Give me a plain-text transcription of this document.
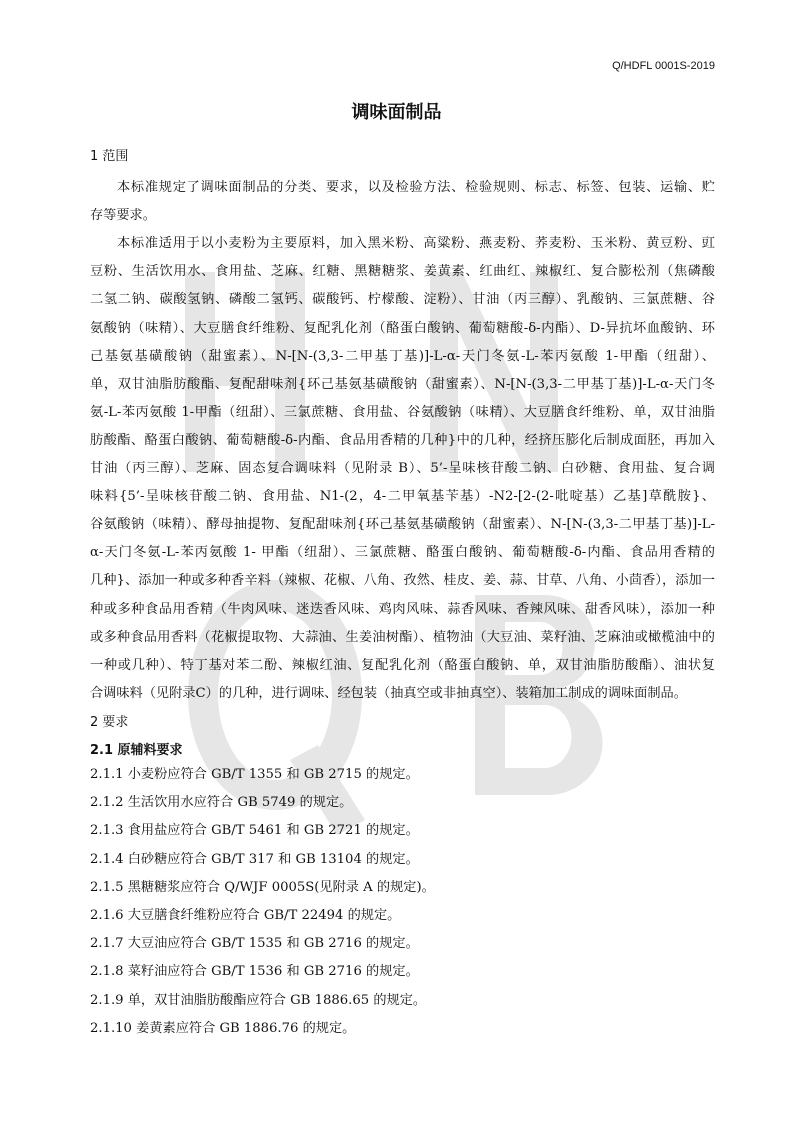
Q/HDFL 0001S-2019
调味面制品
1 范围
本标准规定了调味面制品的分类、要求，以及检验方法、检验规则、标志、标签、包装、运输、贮
存等要求。
本标准适用于以小麦粉为主要原料，加入黑米粉、高粱粉、燕麦粉、荞麦粉、玉米粉、黄豆粉、豇
豆粉、生活饮用水、食用盐、芝麻、红糖、黑糖糖浆、姜黄素、红曲红、辣椒红、复合膨松剂（焦磷酸
二氢二钠、碳酸氢钠、磷酸二氢钙、碳酸钙、柠檬酸、淀粉）、甘油（丙三醇）、乳酸钠、三氯蔗糖、谷
氨酸钠（味精）、大豆膳食纤维粉、复配乳化剂（酪蛋白酸钠、葡萄糖酸-δ-内酯）、D-异抗坏血酸钠、环
己基氨基磺酸钠（甜蜜素）、N-[N-(3,3-二甲基丁基)]-L-α-天门冬氨-L-苯丙氨酸 1-甲酯（纽甜）、
单，双甘油脂肪酸酯、复配甜味剂{环己基氨基磺酸钠（甜蜜素）、N-[N-(3,3-二甲基丁基)]-L-α-天门冬
氨-L-苯丙氨酸 1-甲酯（纽甜）、三氯蔗糖、食用盐、谷氨酸钠（味精）、大豆膳食纤维粉、单，双甘油脂
肪酸酯、酪蛋白酸钠、葡萄糖酸-δ-内酯、食品用香精的几种}中的几种，经挤压膨化后制成面胚，再加入
甘油（丙三醇）、芝麻、固态复合调味料（见附录 B）、5’-呈味核苷酸二钠、白砂糖、食用盐、复合调
味料{5’-呈味核苷酸二钠、食用盐、N1-(2，4-二甲氧基苄基）-N2-[2-(2-吡啶基）乙基]草酰胺}、
谷氨酸钠（味精）、酵母抽提物、复配甜味剂{环己基氨基磺酸钠（甜蜜素）、N-[N-(3,3-二甲基丁基)]-L-
α-天门冬氨-L-苯丙氨酸 1- 甲酯（纽甜）、三氯蔗糖、酪蛋白酸钠、葡萄糖酸-δ-内酯、食品用香精的
几种}、添加一种或多种香辛料（辣椒、花椒、八角、孜然、桂皮、姜、蒜、甘草、八角、小茴香），添加一
种或多种食品用香精（牛肉风味、迷迭香风味、鸡肉风味、蒜香风味、香辣风味、甜香风味），添加一种
或多种食品用香料（花椒提取物、大蒜油、生姜油树酯）、植物油（大豆油、菜籽油、芝麻油或橄榄油中的
一种或几种）、特丁基对苯二酚、辣椒红油、复配乳化剂（酪蛋白酸钠、单，双甘油脂肪酸酯）、油状复
合调味料（见附录C）的几种，进行调味、经包装（抽真空或非抽真空）、装箱加工制成的调味面制品。
2 要求
2.1 原辅料要求
2.1.1 小麦粉应符合 GB/T 1355 和 GB 2715 的规定。
2.1.2 生活饮用水应符合 GB 5749 的规定。
2.1.3 食用盐应符合 GB/T 5461 和 GB 2721 的规定。
2.1.4 白砂糖应符合 GB/T 317 和 GB 13104 的规定。
2.1.5 黑糖糖浆应符合 Q/WJF 0005S(见附录 A 的规定)。
2.1.6 大豆膳食纤维粉应符合 GB/T 22494 的规定。
2.1.7 大豆油应符合 GB/T 1535 和 GB 2716 的规定。
2.1.8 菜籽油应符合 GB/T 1536 和 GB 2716 的规定。
2.1.9 单，双甘油脂肪酸酯应符合 GB 1886.65 的规定。
2.1.10 姜黄素应符合 GB 1886.76 的规定。
